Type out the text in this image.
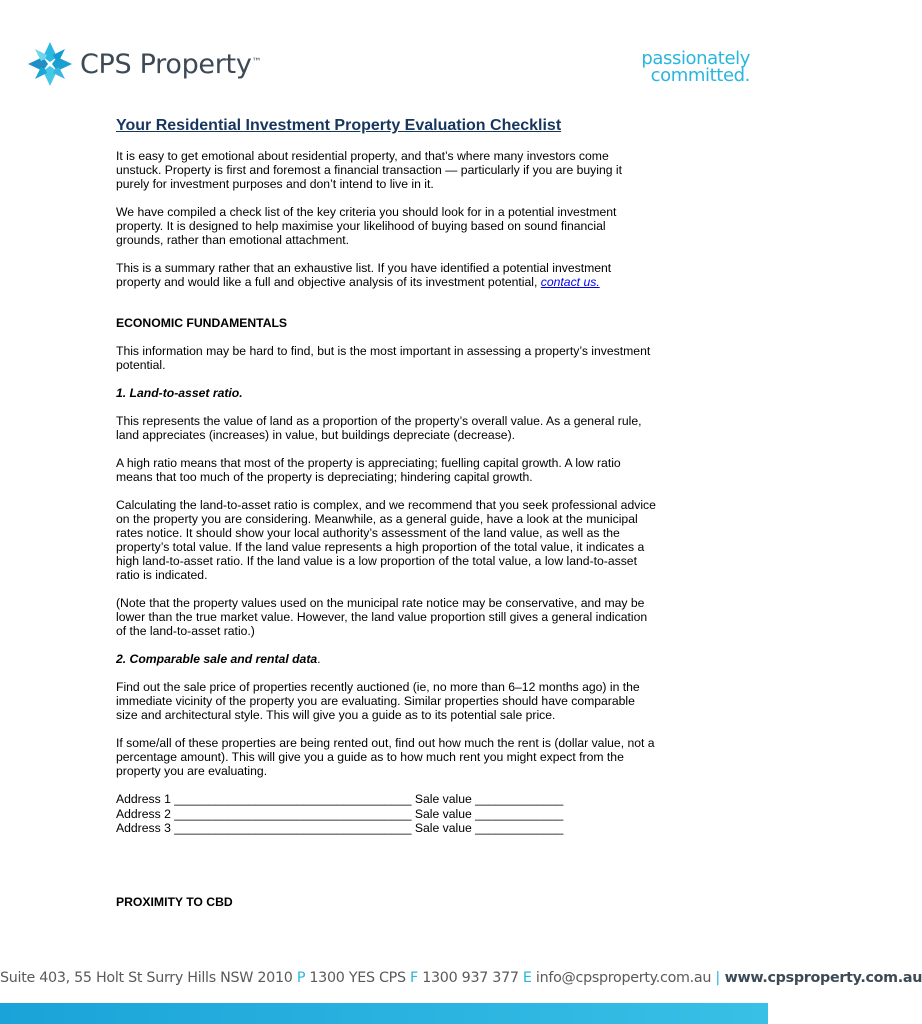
CPS Property™	passionately
committed.
Your Residential Investment Property Evaluation Checklist

It is easy to get emotional about residential property, and that’s where many investors come unstuck. Property is first and foremost a financial transaction — particularly if you are buying it purely for investment purposes and don’t intend to live in it.

We have compiled a check list of the key criteria you should look for in a potential investment property. It is designed to help maximise your likelihood of buying based on sound financial grounds, rather than emotional attachment.

This is a summary rather that an exhaustive list. If you have identified a potential investment property and would like a full and objective analysis of its investment potential, contact us.

ECONOMIC FUNDAMENTALS

This information may be hard to find, but is the most important in assessing a property’s investment potential.

1. Land-to-asset ratio.

This represents the value of land as a proportion of the property’s overall value. As a general rule, land appreciates (increases) in value, but buildings depreciate (decrease).

A high ratio means that most of the property is appreciating; fuelling capital growth. A low ratio means that too much of the property is depreciating; hindering capital growth.

Calculating the land-to-asset ratio is complex, and we recommend that you seek professional advice on the property you are considering. Meanwhile, as a general guide, have a look at the municipal rates notice. It should show your local authority’s assessment of the land value, as well as the property’s total value. If the land value represents a high proportion of the total value, it indicates a high land-to-asset ratio. If the land value is a low proportion of the total value, a low land-to-asset ratio is indicated.

(Note that the property values used on the municipal rate notice may be conservative, and may be lower than the true market value. However, the land value proportion still gives a general indication of the land-to-asset ratio.)

2. Comparable sale and rental data.

Find out the sale price of properties recently auctioned (ie, no more than 6–12 months ago) in the immediate vicinity of the property you are evaluating. Similar properties should have comparable size and architectural style. This will give you a guide as to its potential sale price.

If some/all of these properties are being rented out, find out how much the rent is (dollar value, not a percentage amount). This will give you a guide as to how much rent you might expect from the property you are evaluating.

Address 1 ___________________________________ Sale value _____________
Address 2 ___________________________________ Sale value _____________
Address 3 ___________________________________ Sale value _____________
PROXIMITY TO CBD
Suite 403, 55 Holt St Surry Hills NSW 2010 P 1300 YES CPS F 1300 937 377 E info@cpsproperty.com.au | www.cpsproperty.com.au
